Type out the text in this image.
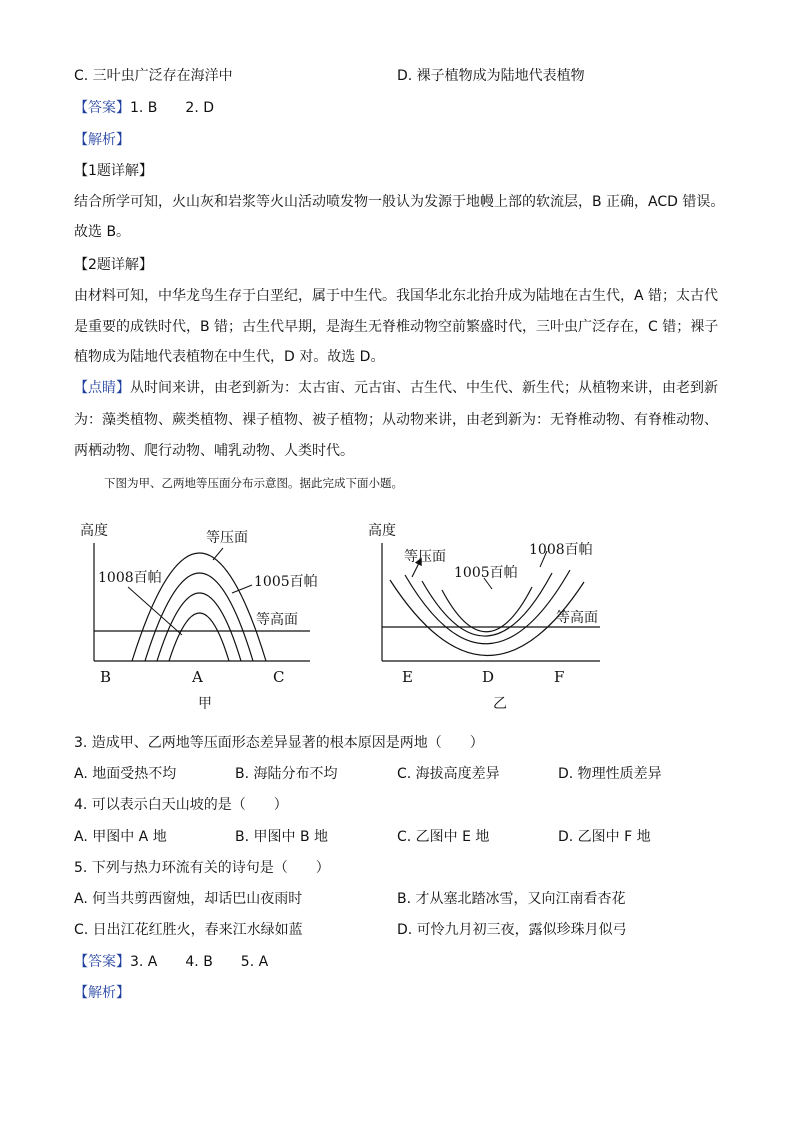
C. 三叶虫广泛存在海洋中	D. 裸子植物成为陆地代表植物
【答案】1. B　　2. D
【解析】
【1题详解】
结合所学可知，火山灰和岩浆等火山活动喷发物一般认为发源于地幔上部的软流层，B 正确，ACD 错误。
故选 B。
【2题详解】
由材料可知，中华龙鸟生存于白垩纪，属于中生代。我国华北东北抬升成为陆地在古生代，A 错；太古代
是重要的成铁时代，B 错；古生代早期，是海生无脊椎动物空前繁盛时代，三叶虫广泛存在，C 错；裸子
植物成为陆地代表植物在中生代，D 对。故选 D。
【点睛】从时间来讲，由老到新为：太古宙、元古宙、古生代、中生代、新生代；从植物来讲，由老到新
为：藻类植物、蕨类植物、裸子植物、被子植物；从动物来讲，由老到新为：无脊椎动物、有脊椎动物、
两栖动物、爬行动物、哺乳动物、人类时代。
下图为甲、乙两地等压面分布示意图。据此完成下面小题。
高度	等压面
1008百帕	1005百帕
等高面
B	A	C
甲
高度
等压面	1008百帕
1005百帕
等高面
E	D	F
乙
3. 造成甲、乙两地等压面形态差异显著的根本原因是两地（　　）
A. 地面受热不均	B. 海陆分布不均	C. 海拔高度差异	D. 物理性质差异
4. 可以表示白天山坡的是（　　）
A. 甲图中 A 地	B. 甲图中 B 地	C. 乙图中 E 地	D. 乙图中 F 地
5. 下列与热力环流有关的诗句是（　　）
A. 何当共剪西窗烛，却话巴山夜雨时	B. 才从塞北踏冰雪，又向江南看杏花
C. 日出江花红胜火，春来江水绿如蓝	D. 可怜九月初三夜，露似珍珠月似弓
【答案】3. A　　4. B　　5. A
【解析】
